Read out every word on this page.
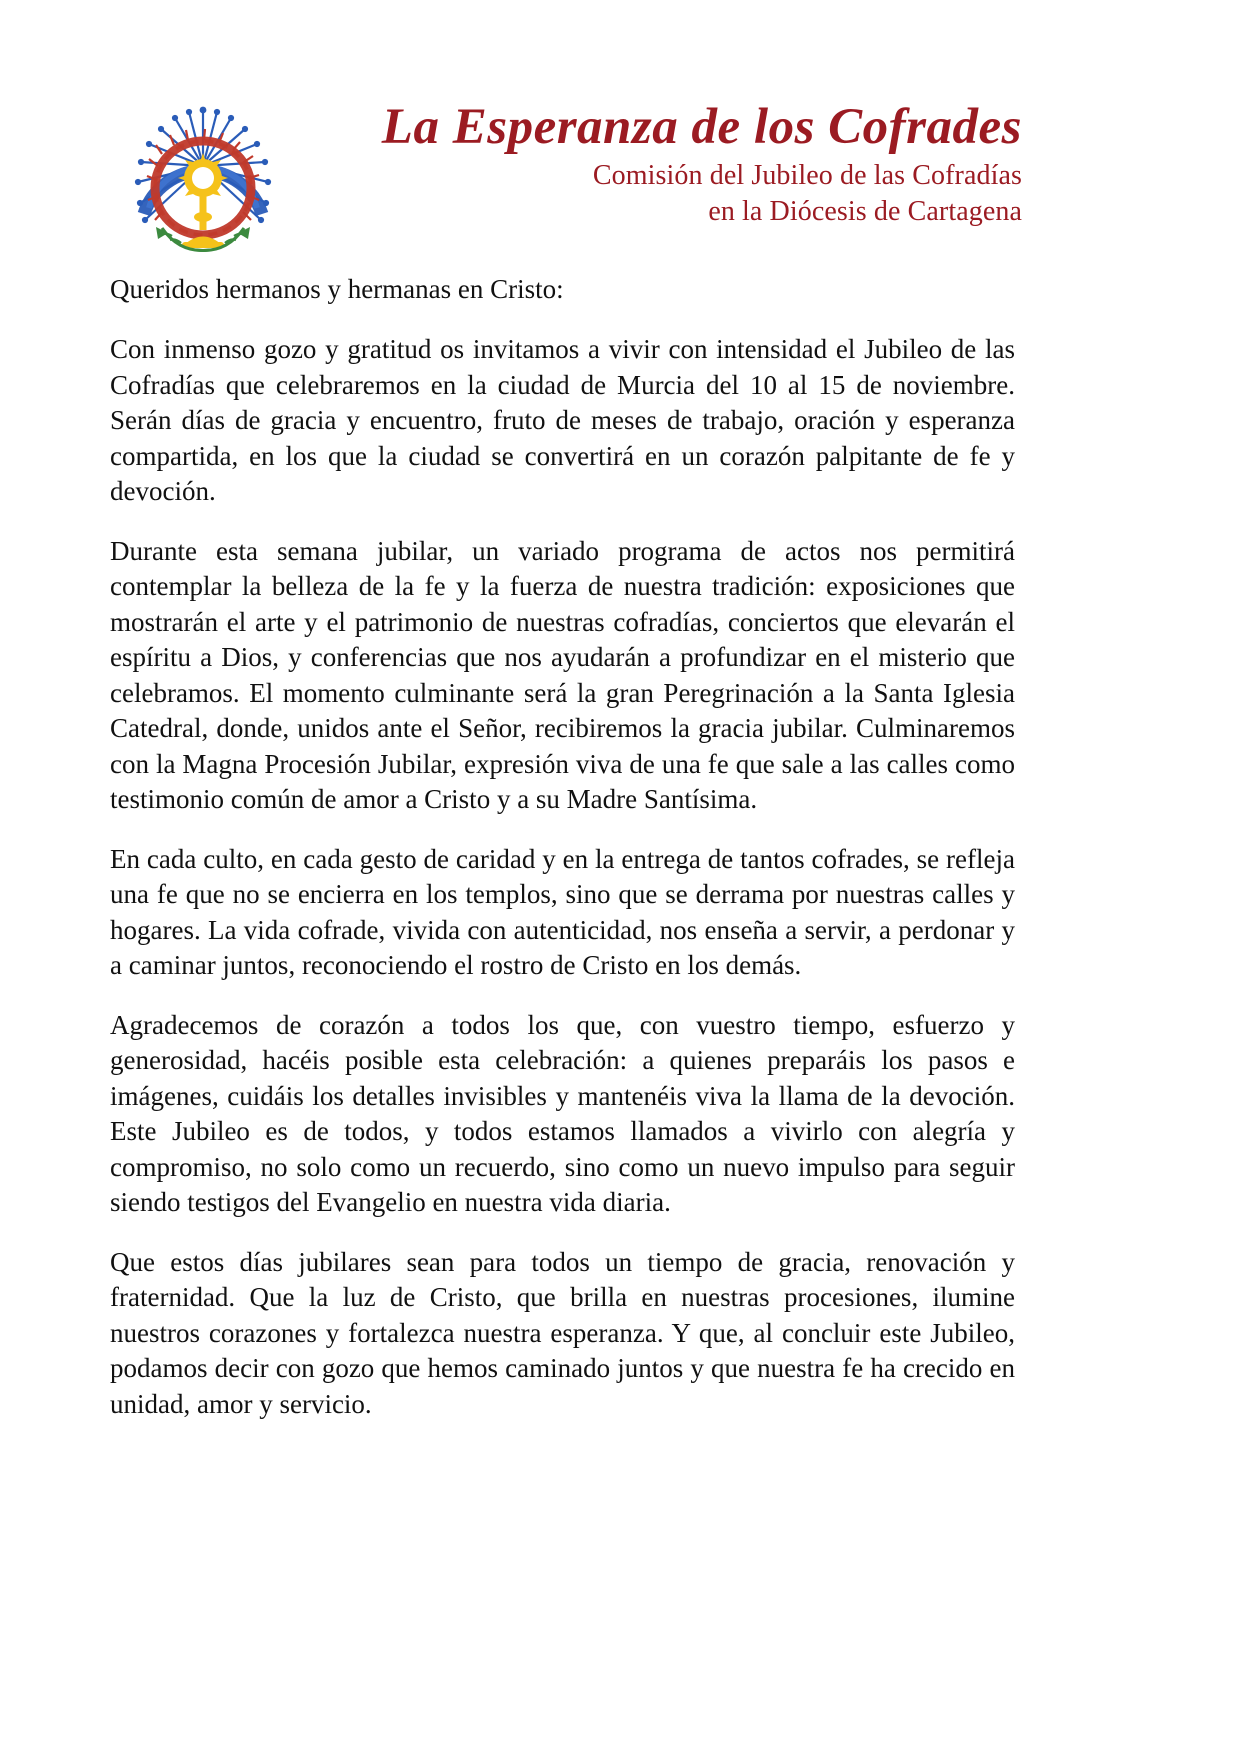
La Esperanza de los Cofrades
Comisión del Jubileo de las Cofradías
en la Diócesis de Cartagena

Queridos hermanos y hermanas en Cristo:

Con inmenso gozo y gratitud os invitamos a vivir con intensidad el Jubileo de las Cofradías que celebraremos en la ciudad de Murcia del 10 al 15 de noviembre. Serán días de gracia y encuentro, fruto de meses de trabajo, oración y esperanza compartida, en los que la ciudad se convertirá en un corazón palpitante de fe y devoción.

Durante esta semana jubilar, un variado programa de actos nos permitirá contemplar la belleza de la fe y la fuerza de nuestra tradición: exposiciones que mostrarán el arte y el patrimonio de nuestras cofradías, conciertos que elevarán el espíritu a Dios, y conferencias que nos ayudarán a profundizar en el misterio que celebramos. El momento culminante será la gran Peregrinación a la Santa Iglesia Catedral, donde, unidos ante el Señor, recibiremos la gracia jubilar. Culminaremos con la Magna Procesión Jubilar, expresión viva de una fe que sale a las calles como testimonio común de amor a Cristo y a su Madre Santísima.

En cada culto, en cada gesto de caridad y en la entrega de tantos cofrades, se refleja una fe que no se encierra en los templos, sino que se derrama por nuestras calles y hogares. La vida cofrade, vivida con autenticidad, nos enseña a servir, a perdonar y a caminar juntos, reconociendo el rostro de Cristo en los demás.

Agradecemos de corazón a todos los que, con vuestro tiempo, esfuerzo y generosidad, hacéis posible esta celebración: a quienes preparáis los pasos e imágenes, cuidáis los detalles invisibles y mantenéis viva la llama de la devoción. Este Jubileo es de todos, y todos estamos llamados a vivirlo con alegría y compromiso, no solo como un recuerdo, sino como un nuevo impulso para seguir siendo testigos del Evangelio en nuestra vida diaria.

Que estos días jubilares sean para todos un tiempo de gracia, renovación y fraternidad. Que la luz de Cristo, que brilla en nuestras procesiones, ilumine nuestros corazones y fortalezca nuestra esperanza. Y que, al concluir este Jubileo, podamos decir con gozo que hemos caminado juntos y que nuestra fe ha crecido en unidad, amor y servicio.
